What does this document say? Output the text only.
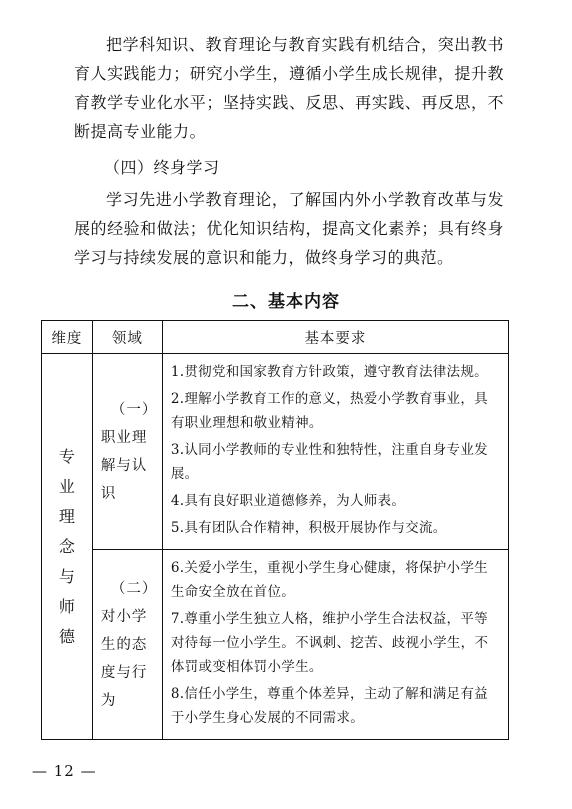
把学科知识、教育理论与教育实践有机结合，突出教书育人实践能力；研究小学生，遵循小学生成长规律，提升教育教学专业化水平；坚持实践、反思、再实践、再反思，不断提高专业能力。

（四）终身学习

学习先进小学教育理论，了解国内外小学教育改革与发展的经验和做法；优化知识结构，提高文化素养；具有终身学习与持续发展的意识和能力，做终身学习的典范。

二、基本内容
维度	领域	基本要求
专业理念与师德	（一）职业理解与认识	1.贯彻党和国家教育方针政策，遵守教育法律法规。

2.理解小学教育工作的意义，热爱小学教育事业，具有职业理想和敬业精神。

3.认同小学教师的专业性和独特性，注重自身专业发展。

4.具有良好职业道德修养，为人师表。

5.具有团队合作精神，积极开展协作与交流。

	（二）对小学生的态度与行为	6.关爱小学生，重视小学生身心健康，将保护小学生生命安全放在首位。

7.尊重小学生独立人格，维护小学生合法权益，平等对待每一位小学生。不讽刺、挖苦、歧视小学生，不体罚或变相体罚小学生。

8.信任小学生，尊重个体差异，主动了解和满足有益于小学生身心发展的不同需求。

— 12 —
